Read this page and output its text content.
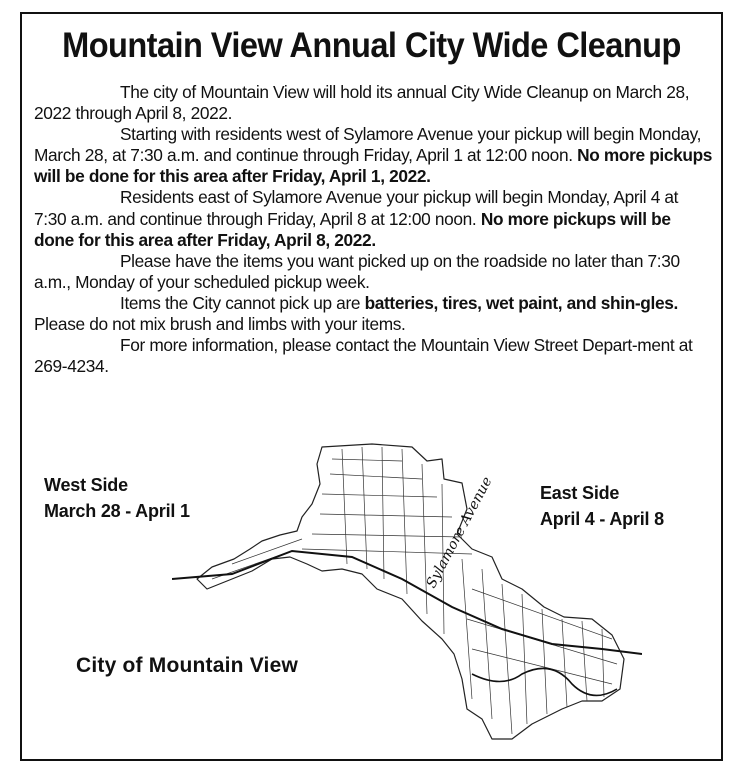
Mountain View Annual City Wide Cleanup

The city of Mountain View will hold its annual City Wide Cleanup on March 28, 2022 through April 8, 2022.

Starting with residents west of Sylamore Avenue your pickup will begin Monday, March 28, at 7:30 a.m. and continue through Friday, April 1 at 12:00 noon. No more pickups will be done for this area after Friday, April 1, 2022.

Residents east of Sylamore Avenue your pickup will begin Monday, April 4 at 7:30 a.m. and continue through Friday, April 8 at 12:00 noon. No more pickups will be done for this area after Friday, April 8, 2022.

Please have the items you want picked up on the roadside no later than 7:30 a.m., Monday of your scheduled pickup week.

Items the City cannot pick up are batteries, tires, wet paint, and shin-gles. Please do not mix brush and limbs with your items.

For more information, please contact the Mountain View Street Depart-ment at 269-4234.

West Side
March 28 - April 1
East Side
April 4 - April 8
Sylamore Avenue
City of Mountain View
